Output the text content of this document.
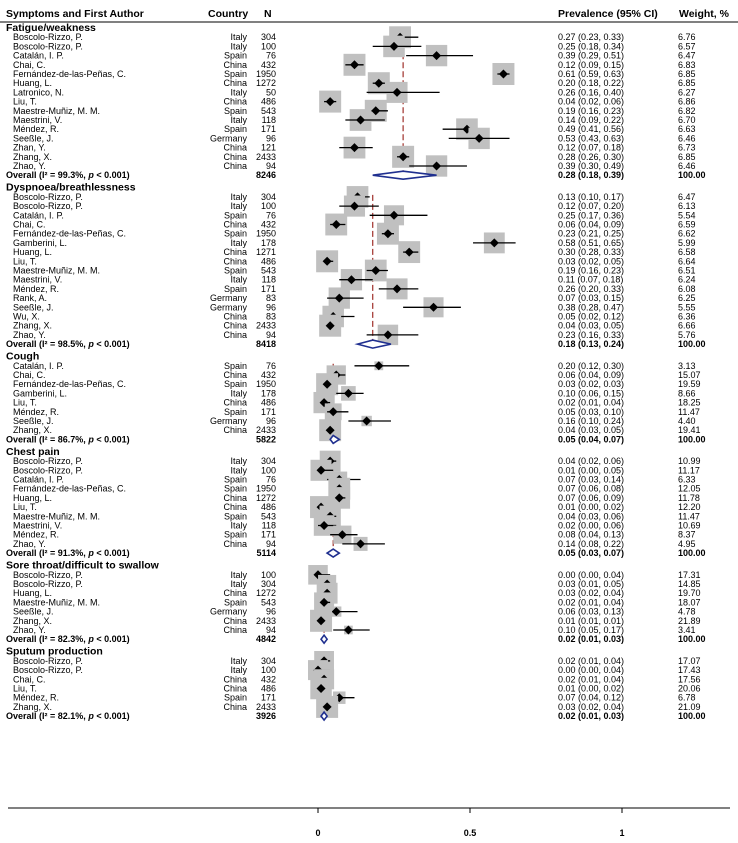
Symptoms and First Author	Country N	Prevalence (95% CI) Weight, %
Fatigue/weakness
Boscolo-Rizzo, P.	Italy 304	0.27 (0.23, 0.33)	6.76
Boscolo-Rizzo, P.	Italy 100	0.25 (0.18, 0.34)	6.57
Catalán, I. P.	Spain 76	0.39 (0.29, 0.51)	6.47
Chai, C.	China 432	0.12 (0.09, 0.15)	6.83
Fernández-de-las-Peñas, C.	Spain 1950	0.61 (0.59, 0.63)	6.85
Huang, L.	China 1272	0.20 (0.18, 0.22)	6.85
Latronico, N.	Italy 50	0.26 (0.16, 0.40)	6.27
Liu, T.	China 486	0.04 (0.02, 0.06)	6.86
Maestre-Muñiz, M. M.	Spain 543	0.19 (0.16, 0.23)	6.82
Maestrini, V.	Italy 118	0.14 (0.09, 0.22)	6.70
Méndez, R.	Spain 171	0.49 (0.41, 0.56)	6.63
Seeßle, J.	Germany 96	0.53 (0.43, 0.63)	6.46
Zhan, Y.	China 121	0.12 (0.07, 0.18)	6.73
Zhang, X.	China 2433	0.28 (0.26, 0.30)	6.85
Zhao, Y.	China 94	0.39 (0.30, 0.49)	6.46
Overall (I² = 99.3%, p < 0.001)	8246	0.28 (0.18, 0.39)	100.00
Dyspnoea/breathlessness
Boscolo-Rizzo, P.	Italy 304	0.13 (0.10, 0.17)	6.47
Boscolo-Rizzo, P.	Italy 100	0.12 (0.07, 0.20)	6.13
Catalán, I. P.	Spain 76	0.25 (0.17, 0.36)	5.54
Chai, C.	China 432	0.06 (0.04, 0.09)	6.59
Fernández-de-las-Peñas, C.	Spain 1950	0.23 (0.21, 0.25)	6.62
Gamberini, L.	Italy 178	0.58 (0.51, 0.65)	5.99
Huang, L.	China 1271	0.30 (0.28, 0.33)	6.58
Liu, T.	China 486	0.03 (0.02, 0.05)	6.64
Maestre-Muñiz, M. M.	Spain 543	0.19 (0.16, 0.23)	6.51
Maestrini, V.	Italy 118	0.11 (0.07, 0.18)	6.24
Méndez, R.	Spain 171	0.26 (0.20, 0.33)	6.08
Rank, A.	Germany 83	0.07 (0.03, 0.15)	6.25
Seeßle, J.	Germany 96	0.38 (0.28, 0.47)	5.55
Wu, X.	China 83	0.05 (0.02, 0.12)	6.36
Zhang, X.	China 2433	0.04 (0.03, 0.05)	6.66
Zhao, Y.	China 94	0.23 (0.16, 0.33)	5.76
Overall (I² = 98.5%, p < 0.001)	8418	0.18 (0.13, 0.24)	100.00
Cough
Catalán, I. P.	Spain 76	0.20 (0.12, 0.30)	3.13
Chai, C.	China 432	0.06 (0.04, 0.09)	15.07
Fernández-de-las-Peñas, C.	Spain 1950	0.03 (0.02, 0.03)	19.59
Gamberini, L.	Italy 178	0.10 (0.06, 0.15)	8.66
Liu, T.	China 486	0.02 (0.01, 0.04)	18.25
Méndez, R.	Spain 171	0.05 (0.03, 0.10)	11.47
Seeßle, J.	Germany 96	0.16 (0.10, 0.24)	4.40
Zhang, X.	China 2433	0.04 (0.03, 0.05)	19.41
Overall (I² = 86.7%, p < 0.001)	5822	0.05 (0.04, 0.07)	100.00
Chest pain
Boscolo-Rizzo, P.	Italy 304	0.04 (0.02, 0.06)	10.99
Boscolo-Rizzo, P.	Italy 100	0.01 (0.00, 0.05)	11.17
Catalán, I. P.	Spain 76	0.07 (0.03, 0.14)	6.33
Fernández-de-las-Peñas, C.	Spain 1950	0.07 (0.06, 0.08)	12.05
Huang, L.	China 1272	0.07 (0.06, 0.09)	11.78
Liu, T.	China 486	0.01 (0.00, 0.02)	12.20
Maestre-Muñiz, M. M.	Spain 543	0.04 (0.03, 0.06)	11.47
Maestrini, V.	Italy 118	0.02 (0.00, 0.06)	10.69
Méndez, R.	Spain 171	0.08 (0.04, 0.13)	8.37
Zhao, Y.	China 94	0.14 (0.08, 0.22)	4.95
Overall (I² = 91.3%, p < 0.001)	5114	0.05 (0.03, 0.07)	100.00
Sore throat/difficult to swallow
Boscolo-Rizzo, P.	Italy 100	0.00 (0.00, 0.04)	17.31
Boscolo-Rizzo, P.	Italy 304	0.03 (0.01, 0.05)	14.85
Huang, L.	China 1272	0.03 (0.02, 0.04)	19.70
Maestre-Muñiz, M. M.	Spain 543	0.02 (0.01, 0.04)	18.07
Seeßle, J.	Germany 96	0.06 (0.03, 0.13)	4.78
Zhang, X.	China 2433	0.01 (0.01, 0.01)	21.89
Zhao, Y.	China 94	0.10 (0.05, 0.17)	3.41
Overall (I² = 82.3%, p < 0.001)	4842	0.02 (0.01, 0.03)	100.00
Sputum production
Boscolo-Rizzo, P.	Italy 304	0.02 (0.01, 0.04)	17.07
Boscolo-Rizzo, P.	Italy 100	0.00 (0.00, 0.04)	17.43
Chai, C.	China 432	0.02 (0.01, 0.04)	17.56
Liu, T.	China 486	0.01 (0.00, 0.02)	20.06
Méndez, R.	Spain 171	0.07 (0.04, 0.12)	6.78
Zhang, X.	China 2433	0.03 (0.02, 0.04)	21.09
Overall (I² = 82.1%, p < 0.001)	3926	0.02 (0.01, 0.03)	100.00
0	0.5	1
